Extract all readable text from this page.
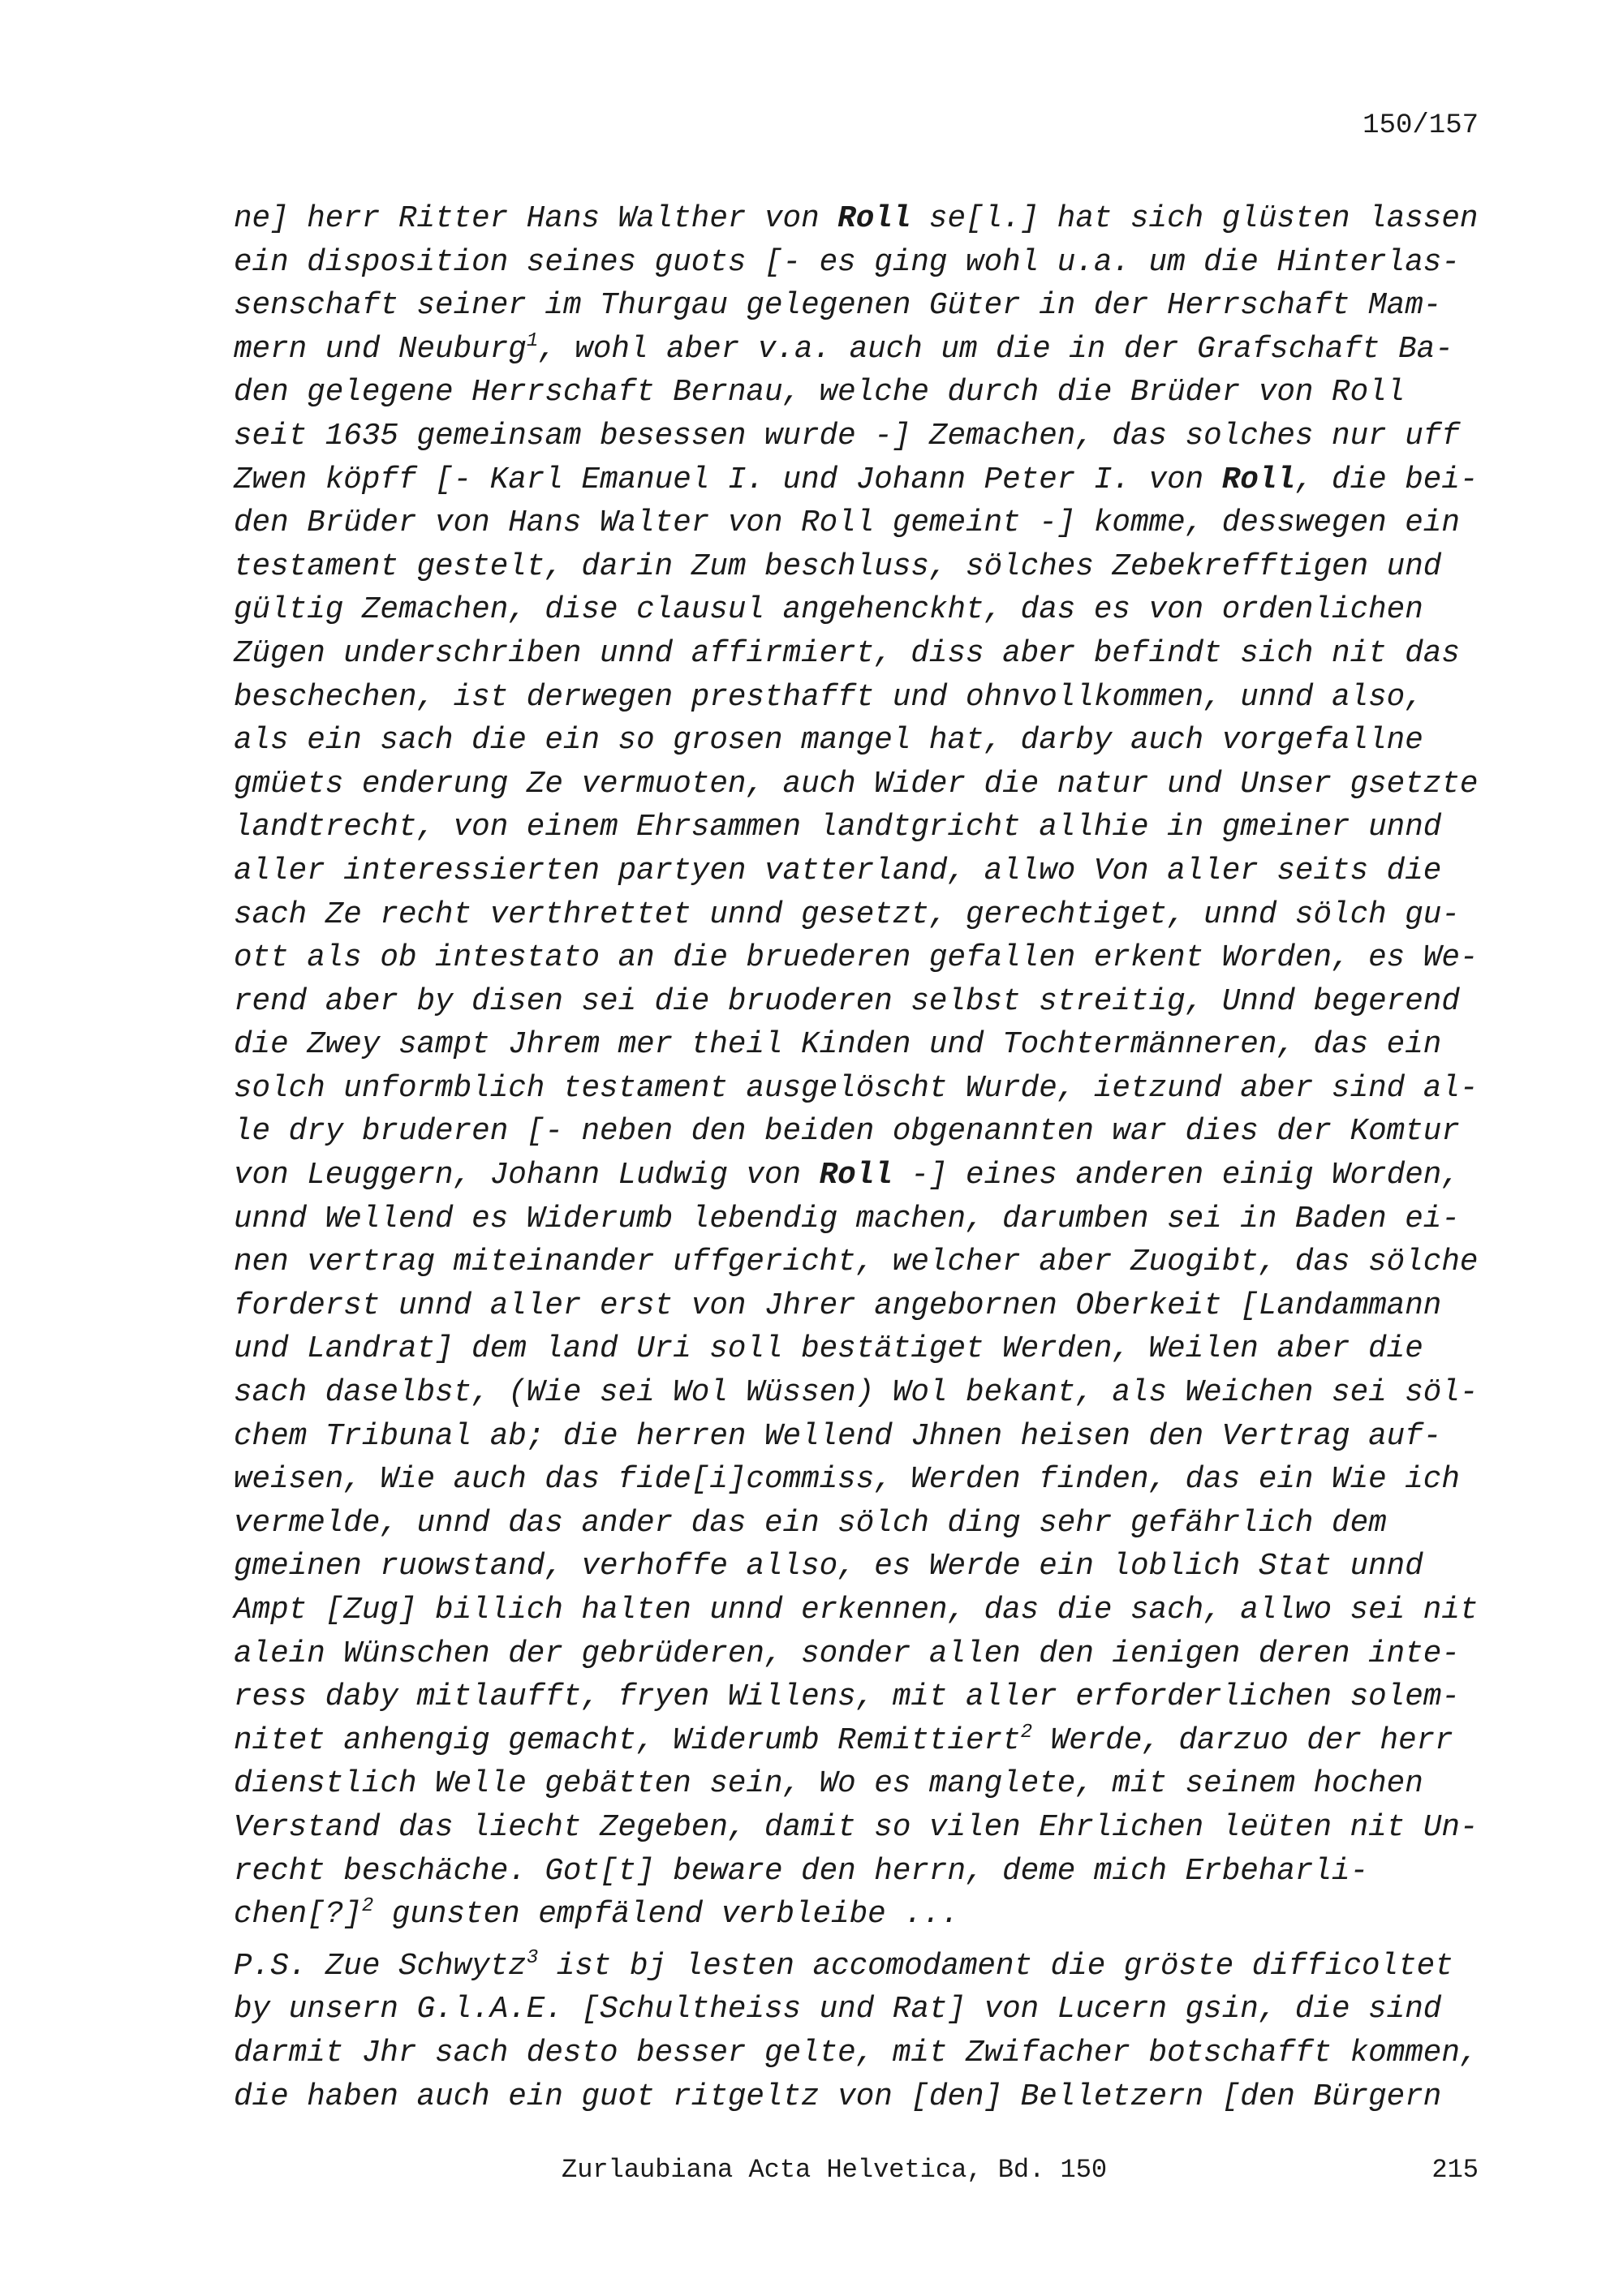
150/157
ne] herr Ritter Hans Walther von Roll se[l.] hat sich glüsten lassen
ein disposition seines guots [- es ging wohl u.a. um die Hinterlas-
senschaft seiner im Thurgau gelegenen Güter in der Herrschaft Mam-
mern und Neuburg$^1$, wohl aber v.a. auch um die in der Grafschaft Ba-
den gelegene Herrschaft Bernau, welche durch die Brüder von Roll
seit 1635 gemeinsam besessen wurde -] Zemachen, das solches nur uff
Zwen köpff [- Karl Emanuel I. und Johann Peter I. von Roll, die bei-
den Brüder von Hans Walter von Roll gemeint -] komme, desswegen ein
testament gestelt, darin Zum beschluss, sölches Zebekrefftigen und
gültig Zemachen, dise clausul angehenckht, das es von ordenlichen
Zügen underschriben unnd affirmiert, diss aber befindt sich nit das
beschechen, ist derwegen presthafft und ohnvollkommen, unnd also,
als ein sach die ein so grosen mangel hat, darby auch vorgefallne
gmüets enderung Ze vermuoten, auch Wider die natur und Unser gsetzte
landtrecht, von einem Ehrsammen landtgricht allhie in gmeiner unnd
aller interessierten partyen vatterland, allwo Von aller seits die
sach Ze recht verthrettet unnd gesetzt, gerechtiget, unnd sölch gu-
ott als ob intestato an die bruederen gefallen erkent Worden, es We-
rend aber by disen sei die bruoderen selbst streitig, Unnd begerend
die Zwey sampt Jhrem mer theil Kinden und Tochtermänneren, das ein
solch unformblich testament ausgelöscht Wurde, ietzund aber sind al-
le dry bruderen [- neben den beiden obgenannten war dies der Komtur
von Leuggern, Johann Ludwig von Roll -] eines anderen einig Worden,
unnd Wellend es Widerumb lebendig machen, darumben sei in Baden ei-
nen vertrag miteinander uffgericht, welcher aber Zuogibt, das sölche
forderst unnd aller erst von Jhrer angebornen Oberkeit [Landammann
und Landrat] dem land Uri soll bestätiget Werden, Weilen aber die
sach daselbst, (Wie sei Wol Wüssen) Wol bekant, als Weichen sei söl-
chem Tribunal ab; die herren Wellend Jhnen heisen den Vertrag auf-
weisen, Wie auch das fide[i]commiss, Werden finden, das ein Wie ich
vermelde, unnd das ander das ein sölch ding sehr gefährlich dem
gmeinen ruowstand, verhoffe allso, es Werde ein loblich Stat unnd
Ampt [Zug] billich halten unnd erkennen, das die sach, allwo sei nit
alein Wünschen der gebrüderen, sonder allen den ienigen deren inte-
ress daby mitlaufft, fryen Willens, mit aller erforderlichen solem-
nitet anhengig gemacht, Widerumb Remittiert$^2$ Werde, darzuo der herr
dienstlich Welle gebätten sein, Wo es manglete, mit seinem hochen
Verstand das liecht Zegeben, damit so vilen Ehrlichen leüten nit Un-
recht beschäche. Got[t] beware den herrn, deme mich Erbeharli-
chen[?]$^2$ gunsten empfälend verbleibe ...
P.S. Zue Schwytz$^3$ ist bj lesten accomodament die gröste difficoltet
by unsern G.l.A.E. [Schultheiss und Rat] von Lucern gsin, die sind
darmit Jhr sach desto besser gelte, mit Zwifacher botschafft kommen,
die haben auch ein guot ritgeltz von [den] Belletzern [den Bürgern
Zurlaubiana Acta Helvetica, Bd. 150	215
